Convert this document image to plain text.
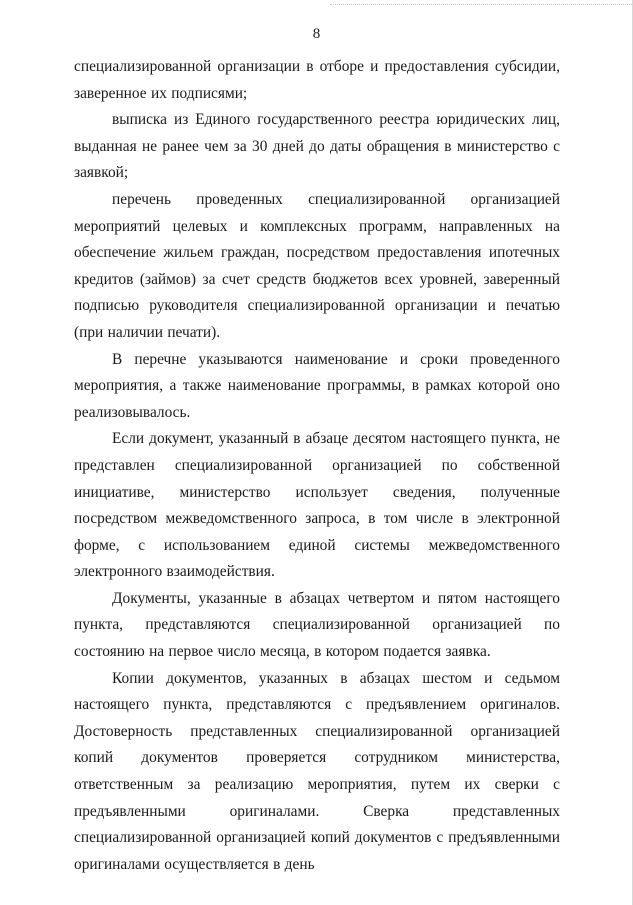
8

специализированной организации в отборе и предоставления субсидии, заверенное их подписями;

выписка из Единого государственного реестра юридических лиц, выданная не ранее чем за 30 дней до даты обращения в министерство с заявкой;

перечень проведенных специализированной организацией мероприятий целевых и комплексных программ, направленных на обеспечение жильем граждан, посредством предоставления ипотечных кредитов (займов) за счет средств бюджетов всех уровней, заверенный подписью руководителя специализированной организации и печатью (при наличии печати).

В перечне указываются наименование и сроки проведенного мероприятия, а также наименование программы, в рамках которой оно реализовывалось.

Если документ, указанный в абзаце десятом настоящего пункта, не представлен специализированной организацией по собственной инициативе, министерство использует сведения, полученные посредством межведомственного запроса, в том числе в электронной форме, с использованием единой системы межведомственного электронного взаимодействия.

Документы, указанные в абзацах четвертом и пятом настоящего пункта, представляются специализированной организацией по состоянию на первое число месяца, в котором подается заявка.

Копии документов, указанных в абзацах шестом и седьмом настоящего пункта, представляются с предъявлением оригиналов. Достоверность представленных специализированной организацией копий документов проверяется сотрудником министерства, ответственным за реализацию мероприятия, путем их сверки с предъявленными оригиналами. Сверка представленных специализированной организацией копий документов с предъявленными оригиналами осуществляется в день
